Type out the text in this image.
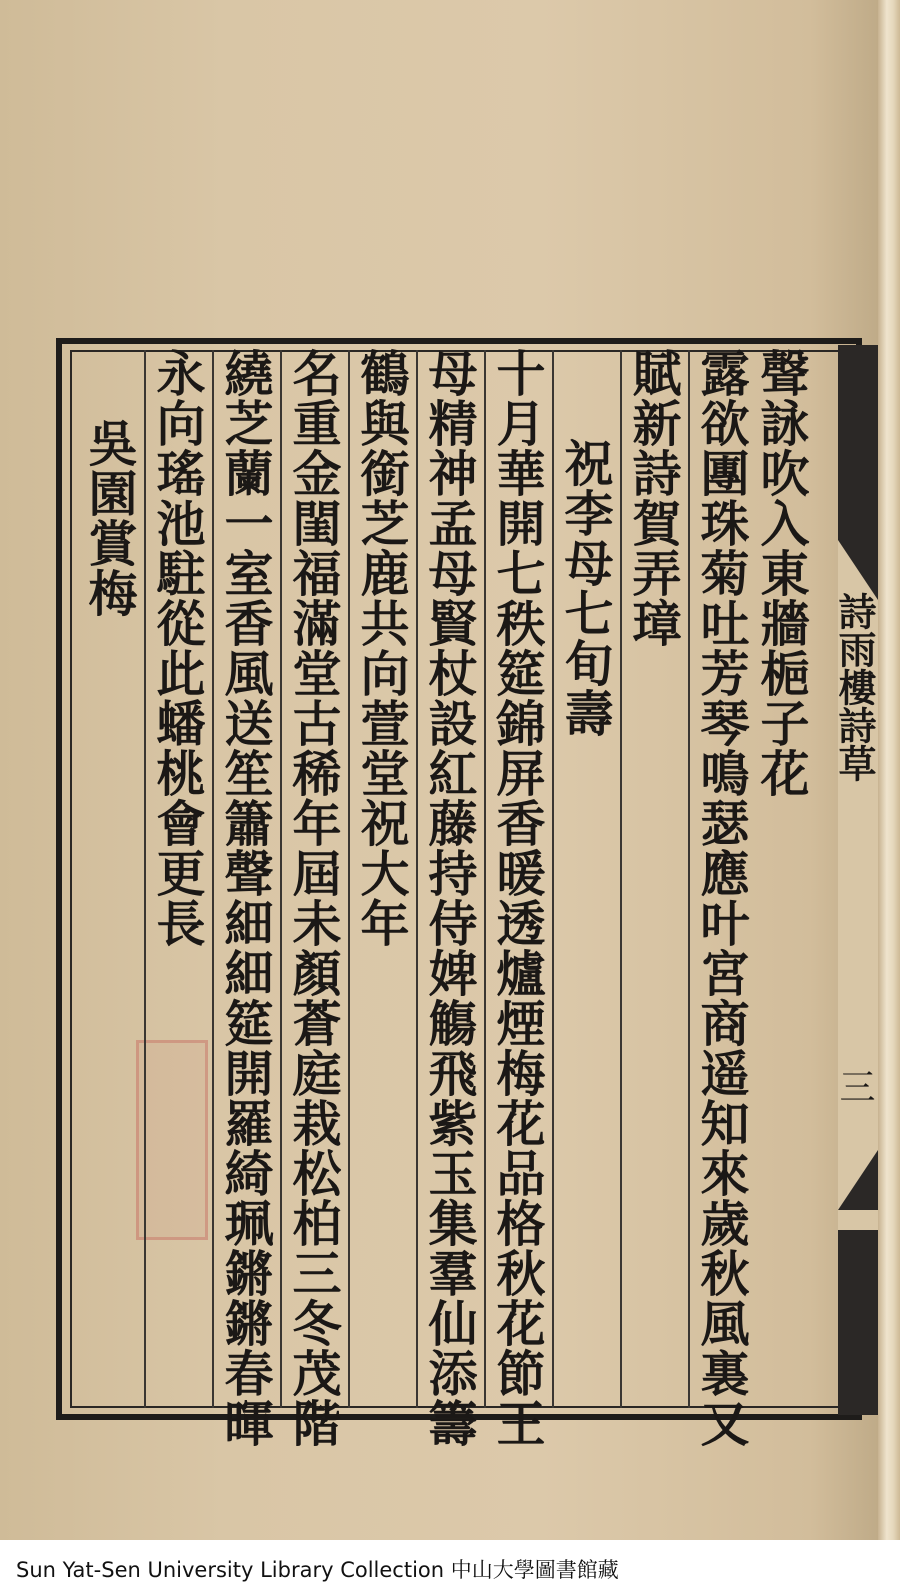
詩雨樓詩草
三
聲詠吹入東牆梔子花
露欲團珠菊吐芳琴鳴瑟應叶宮商遥知來歲秋風裏又
賦新詩賀弄璋
祝李母七旬壽
十月華開七秩筵錦屏香暖透爐煙梅花品格秋花節王
母精神孟母賢杖設紅藤持侍婢觴飛紫玉集羣仙添籌
鶴與銜芝鹿共向萱堂祝大年
名重金閨福滿堂古稀年屆未顏蒼庭栽松柏三冬茂階
繞芝蘭一室香風送笙簫聲細細筵開羅綺珮鏘鏘春暉
永向瑤池駐從此蟠桃會更長
吳園賞梅
Sun Yat-Sen University Library Collection 中山大學圖書館藏
